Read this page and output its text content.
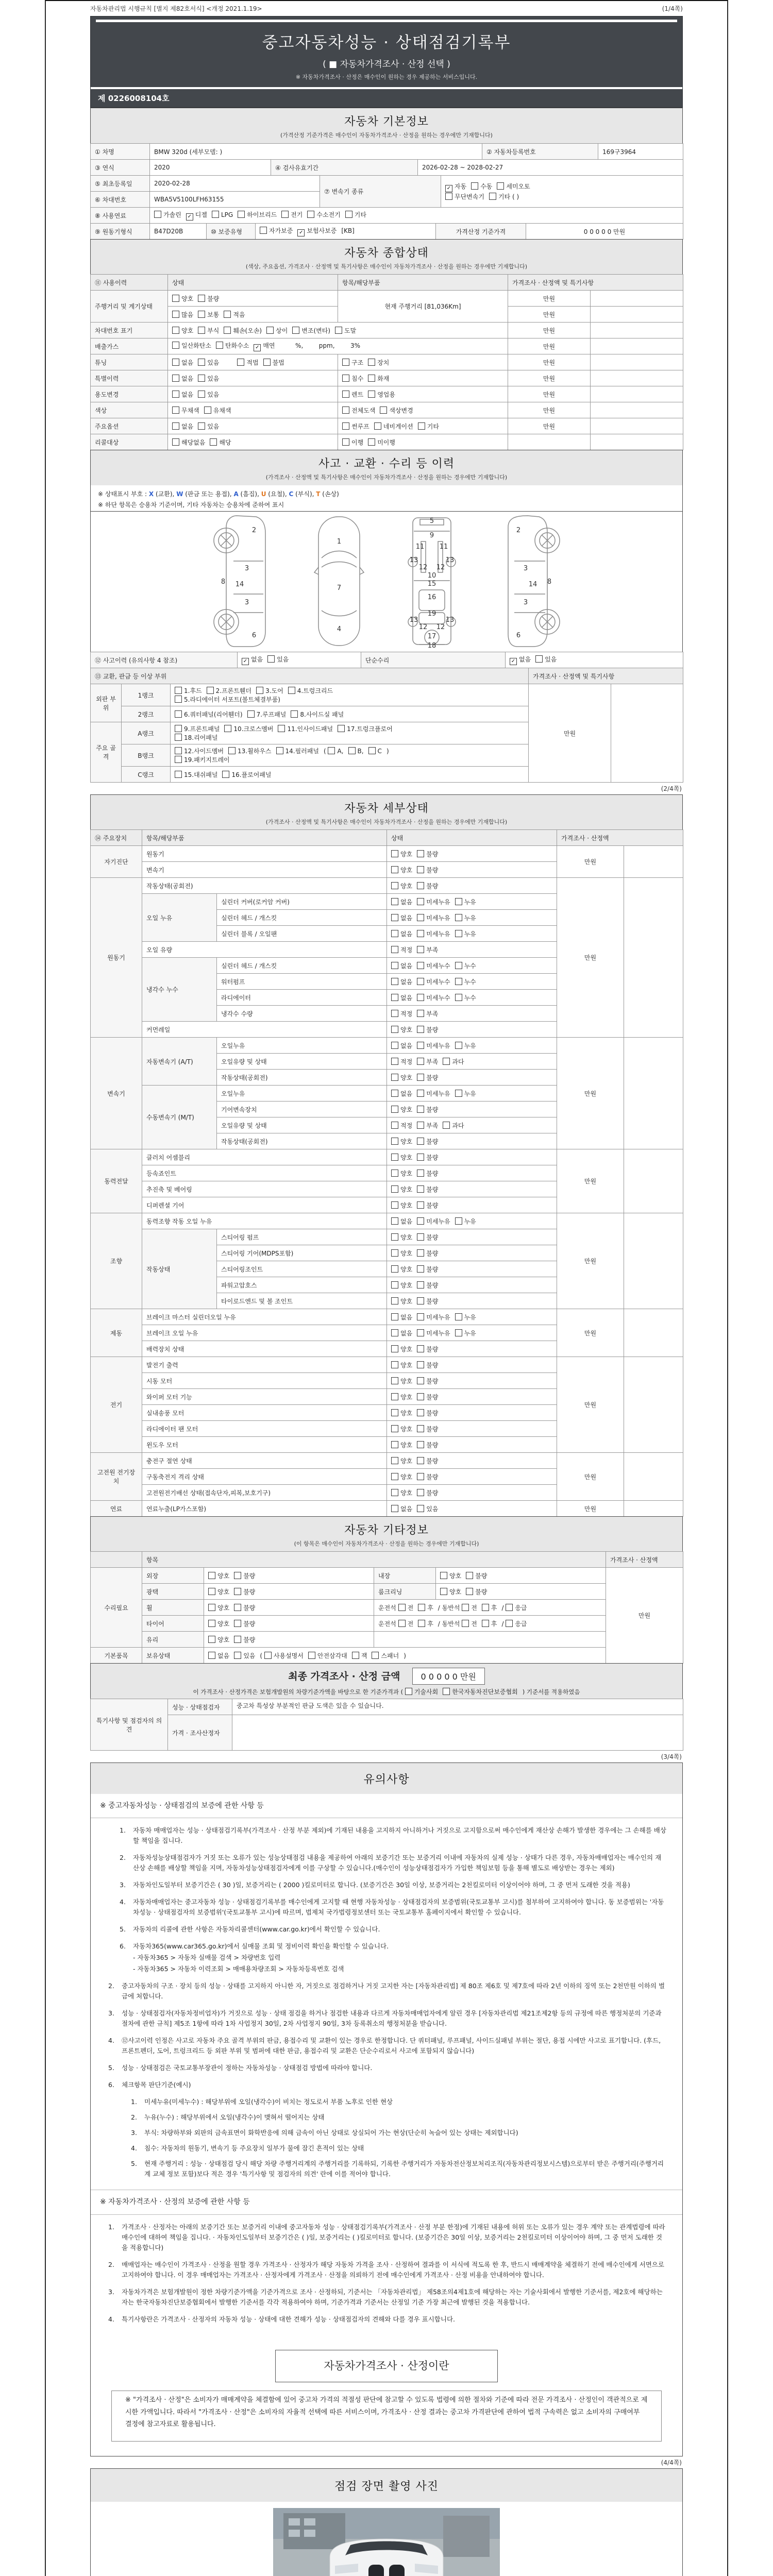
자동차관리법 시행규칙 [별지 제82호서식] <개정 2021.1.19>	(1/4쪽)
중고자동차성능 · 상태점검기록부
( ■ 자동차가격조사 · 산정 선택 )
※ 자동차가격조사 · 산정은 매수인이 원하는 경우 제공하는 서비스입니다.
제 0226008104호
자동차 기본정보
(가격산정 기준가격은 매수인이 자동차가격조사 · 산정을 원하는 경우에만 기재합니다)
① 차명	BMW 320d (세부모델: )	② 자동차등록번호	169구3964
③ 연식	2020	④ 검사유효기간	2026-02-28 ~ 2028-02-27
⑤ 최초등록일	2020-02-28	⑦ 변속기 종류	✓ 자동 수동 세미오토
무단변속기 기타 ( )
⑥ 차대번호	WBA5V5100LFH63155		
⑧ 사용연료	가솔린 ✓ 디젤 LPG 하이브리드 전기 수소전기 기타
⑨ 원동기형식	B47D20B	⑩ 보증유형	자가보증 ✓ 보험사보증 [KB]	가격산정 기준가격	0 0 0 0 0 만원
자동차 종합상태
(색상, 주요옵션, 가격조사 · 산정액 및 특기사항은 매수인이 자동차가격조사 · 산정을 원하는 경우에만 기재합니다)
⑪ 사용이력	상태	항목/해당부품	가격조사 · 산정액 및 특기사항	
주행거리 및 계기상태	양호 불량	현재 주행거리 [81,036Km]	만원	
	많음 보통 적음		만원	
차대번호 표기	양호 부식 훼손(오손) 상이 변조(변타) 도말		만원	
배출가스	일산화탄소 탄화수소 ✓ 매연        %,        ppm,        3%		만원	
튜닝	없음 있음 적법 불법	구조 장치	만원	
특별이력	없음 있음	침수 화재	만원	
용도변경	없음 있음	렌트 영업용	만원	
색상	무채색 유채색	전체도색 색상변경	만원	
주요옵션	없음 있음	썬루프 네비게이션 기타	만원	
리콜대상	해당없음 해당	이행 미이행		
사고 · 교환 · 수리 등 이력
(가격조사 · 산정액 및 특기사항은 매수인이 자동차가격조사 · 산정을 원하는 경우에만 기재합니다)
※ 상태표시 부호 : X (교환), W (판금 또는 용접), A (흠집), U (요철), C (부식), T (손상)
※ 하단 항목은 승용차 기준이며, 기타 자동차는 승용차에 준하여 표시
2
8
3
14
3
6
1
7
4
5
9
11 11
13	13
12 12
10
15
16
19
13	13
12 12
17
18
2
3
8
14
3
6
⑫ 사고이력 (유의사항 4 참조)	✓ 없음 있음	단순수리	✓ 없음 있음
⑬ 교환, 판금 등 이상 부위			가격조사 · 산정액 및 특기사항	
외판 부위	1랭크	1.후드 2.프론트휀더 3.도어 4.트렁크리드
5.라디에이터 서포트(볼트체결부품)	만원	
	2랭크	6.쿼터패널(리어휀더) 7.루프패널 8.사이드실 패널		
주요 골격	A랭크	9.프론트패널 10.크로스멤버 11.인사이드패널 17.트렁크플로어
18.리어패널		
	B랭크	12.사이드멤버 13.휠하우스 14.필러패널 ( A, B, C )
19.패키지트레이		
	C랭크	15.대쉬패널 16.플로어패널		
(2/4쪽)
자동차 세부상태
(가격조사 · 산정액 및 특기사항은 매수인이 자동차가격조사 · 산정을 원하는 경우에만 기재합니다)
⑭ 주요장치	항목/해당부품		상태	가격조사 · 산정액	
자기진단	원동기		양호 불량	만원	
	변속기		양호 불량		
원동기	작동상태(공회전)		양호 불량	만원	
	오일 누유	실린더 커버(로커암 커버)	없음 미세누유 누유		
		실린더 헤드 / 개스킷	없음 미세누유 누유		
		실린더 블록 / 오일팬	없음 미세누유 누유		
	오일 유량		적정 부족		
	냉각수 누수	실린더 헤드 / 개스킷	없음 미세누수 누수		
		워터펌프	없음 미세누수 누수		
		라디에이터	없음 미세누수 누수		
		냉각수 수량	적정 부족		
	커먼레일		양호 불량		
변속기	자동변속기 (A/T)	오일누유	없음 미세누유 누유	만원	
		오일유량 및 상태	적정 부족 과다		
		작동상태(공회전)	양호 불량		
	수동변속기 (M/T)	오일누유	없음 미세누유 누유		
		기어변속장치	양호 불량		
		오일유량 및 상태	적정 부족 과다		
		작동상태(공회전)	양호 불량		
동력전달	클러치 어셈블리		양호 불량	만원	
	등속죠인트		양호 불량		
	추진축 및 베어링		양호 불량		
	디퍼렌셜 기어		양호 불량		
조향	동력조향 작동 오일 누유		없음 미세누유 누유	만원	
	작동상태	스티어링 펌프	양호 불량		
		스티어링 기어(MDPS포함)	양호 불량		
		스티어링조인트	양호 불량		
		파워고압호스	양호 불량		
		타이로드엔드 및 볼 조인트	양호 불량		
제동	브레이크 마스터 실린더오일 누유		없음 미세누유 누유	만원	
	브레이크 오일 누유		없음 미세누유 누유		
	배력장치 상태		양호 불량		
전기	발전기 출력		양호 불량	만원	
	시동 모터		양호 불량		
	와이퍼 모터 기능		양호 불량		
	실내송풍 모터		양호 불량		
	라디에이터 팬 모터		양호 불량		
	윈도우 모터		양호 불량		
고전원 전기장치	충전구 절연 상태		양호 불량	만원	
	구동축전지 격리 상태		양호 불량		
	고전원전기배선 상태(접속단자,피복,보호기구)		양호 불량		
연료	연료누출(LP가스포함)		없음 있음	만원	
자동차 기타정보
(이 항목은 매수인이 자동차가격조사 · 산정을 원하는 경우에만 기재합니다)
	항목				가격조사 · 산정액
수리필요	외장	양호 불량	내장	양호 불량	만원
	광택	양호 불량	룸크리닝	양호 불량	
	휠	양호 불량	운전석 전 후 / 동반석 전 후 / 응급		
	타이어	양호 불량	운전석 전 후 / 동반석 전 후 / 응급		
	유리	양호 불량			
기본품목	보유상태	없음 있음 ( 사용설명서 안전삼각대 잭 스패너 )			
최종 가격조사 · 산정 금액	0 0 0 0 0 만원
이 가격조사 · 산정가격은 보험개발원의 차량기준가액을 바탕으로 한 기준가격과 ( 기술사회 한국자동차진단보증협회 ) 기준서를 적용하였음
특기사항 및 점검자의 의견	성능 · 상태점검자	중고차 특성상 부분적인 판금 도색은 있을 수 있습니다.
	가격 · 조사산정자	
(3/4쪽)
유의사항
※ 중고자동차성능 · 상태점검의 보증에 관한 사항 등
1.	자동차 매매업자는 성능 · 상태점검기록부(가격조사 · 산정 부분 제외)에 기재된 내용을 고지하지 아니하거나 거짓으로 고지함으로써 매수인에게 재산상 손해가 발생한 경우에는 그 손해를 배상할 책임을 집니다.
2.	자동차성능상태점검자가 거짓 또는 오류가 있는 성능상태점검 내용을 제공하여 아래의 보증기간 또는 보증거리 이내에 자동차의 실제 성능 · 상태가 다른 경우, 자동차매매업자는 매수인의 재산상 손해를 배상할 책임을 지며, 자동차성능상태점검자에게 이를 구상할 수 있습니다.(매수인이 성능상태점검자가 가입한 책임보험 등을 통해 별도로 배상받는 경우는 제외)
3.	자동차인도일부터 보증기간은 ( 30 )일, 보증거리는 ( 2000 )킬로미터로 합니다. (보증기간은 30일 이상, 보증거리는 2천킬로미터 이상이어야 하며, 그 중 먼저 도래한 것을 적용)
4.	자동차매매업자는 중고자동차 성능 · 상태점검기록부를 매수인에게 고지할 때 현행 자동차성능 · 상태점검자의 보증범위(국토교통부 고시)를 첨부하여 고지하여야 합니다. 동 보증범위는 '자동차성능 · 상태점검자의 보증범위'(국토교통부 고시)에 따르며, 법제처 국가법령정보센터 또는 국토교통부 홈페이지에서 확인할 수 있습니다.
5.	자동차의 리콜에 관한 사항은 자동차리콜센터(www.car.go.kr)에서 확인할 수 있습니다.
6.	자동차365(www.car365.go.kr)에서 실매물 조회 및 정비이력 확인을 확인할 수 있습니다.
- 자동차365 > 자동차 실매물 검색 > 차량번호 입력
- 자동차365 > 자동차 이력조회 > 매매용차량조회 > 자동차등록번호 검색
2.	중고자동차의 구조 · 장치 등의 성능 · 상태를 고지하지 아니한 자, 거짓으로 점검하거나 거짓 고지한 자는 [자동차관리법] 제 80조 제6호 및 제7호에 따라 2년 이하의 징역 또는 2천만원 이하의 벌금에 처합니다.
3.	성능 · 상태점검자(자동차정비업자)가 거짓으로 성능 · 상태 점검을 하거나 점검한 내용과 다르게 자동차매매업자에게 알린 경우 [자동차관리법 제21조제2항 등의 규정에 따른 행정처분의 기준과 절차에 관한 규칙] 제5조 1항에 따라 1차 사업정지 30일, 2차 사업정지 90일, 3차 등록취소의 행정처분을 받습니다.
4.	⑫사고이력 인정은 사고로 자동차 주요 골격 부위의 판금, 용접수리 및 교환이 있는 경우로 한정합니다. 단 쿼터패널, 루프패널, 사이드실패널 부위는 절단, 용접 시에만 사고로 표기합니다. (후드, 프론트펜더, 도어, 트렁크리드 등 외판 부위 및 범퍼에 대한 판금, 용접수리 및 교환은 단순수리로서 사고에 포함되지 않습니다)
5.	성능 · 상태점검은 국토교통부장관이 정하는 자동차성능 · 상태점검 방법에 따라야 합니다.
6.	체크항목 판단기준(예시)
1.	미세누유(미세누수) : 해당부위에 오일(냉각수)이 비치는 정도로서 부품 노후로 인한 현상
2.	누유(누수) : 해당부위에서 오일(냉각수)이 맺혀서 떨어지는 상태
3.	부식: 차량하부와 외판의 금속표면이 화학반응에 의해 금속이 아닌 상태로 상실되어 가는 현상(단순히 녹슬어 있는 상태는 제외합니다)
4.	침수: 자동차의 원동기, 변속기 등 주요장치 일부가 물에 잠긴 흔적이 있는 상태
5.	현재 주행거리 : 성능 · 상태점검 당시 해당 차량 주행거리계의 주행거리를 기록하되, 기록한 주행거리가 자동차전산정보처리조직(자동차관리정보시스템)으로부터 받은 주행거리(주행거리계 교체 정보 포함)보다 적은 경우 '특기사항 및 점검자의 의견' 란에 이를 적어야 합니다.
※ 자동차가격조사 · 산정의 보증에 관한 사항 등
1.	가격조사 · 산정자는 아래의 보증기간 또는 보증거리 이내에 중고자동차 성능 · 상태점검기록부(가격조사 · 산정 부분 한정)에 기재된 내용에 허위 또는 오류가 있는 경우 계약 또는 관계법령에 따라 매수인에 대하여 책임을 집니다. · 자동차인도일부터 보증기간은 ( )일, 보증거리는 ( )킬로미터로 합니다. (보증기간은 30일 이상, 보증거리는 2천킬로미터 이상이어야 하며, 그 중 먼저 도래한 것을 적용합니다)
2.	매매업자는 매수인이 가격조사 · 산정을 원할 경우 가격조사 · 산정자가 해당 자동차 가격을 조사 · 산정하여 결과를 이 서식에 적도록 한 후, 반드시 매매계약을 체결하기 전에 매수인에게 서면으로 고지하여야 합니다. 이 경우 매매업자는 가격조사 · 산정자에게 가격조사 · 산정을 의뢰하기 전에 매수인에게 가격조사 · 산정 비용을 안내하여야 합니다.
3.	자동차가격은 보험개발원이 정한 차량기준가액을 기준가격으로 조사 · 산정하되, 기준서는 「자동차관리법」 제58조의4제1호에 해당하는 자는 기술사회에서 발행한 기준서를, 제2호에 해당하는 자는 한국자동차진단보증협회에서 발행한 기준서를 각각 적용하여야 하며, 기준가격과 기준서는 산정일 기준 가장 최근에 발행된 것을 적용합니다.
4.	특기사항란은 가격조사 · 산정자의 자동차 성능 · 상태에 대한 견해가 성능 · 상태점검자의 견해와 다를 경우 표시합니다.
자동차가격조사 · 산정이란
※ "가격조사 · 산정"은 소비자가 매매계약을 체결함에 있어 중고차 가격의 적절성 판단에 참고할 수 있도록 법령에 의한 절차와 기준에 따라 전문 가격조사 · 산정인이 객관적으로 제시한 가액입니다. 따라서 "가격조사 · 산정"은 소비자의 자율적 선택에 따른 서비스이며, 가격조사 · 산정 결과는 중고차 가격판단에 관하여 법적 구속력은 없고 소비자의 구매여부 결정에 참고자료로 활용됩니다.
(4/4쪽)
점검 장면 촬영 사진
